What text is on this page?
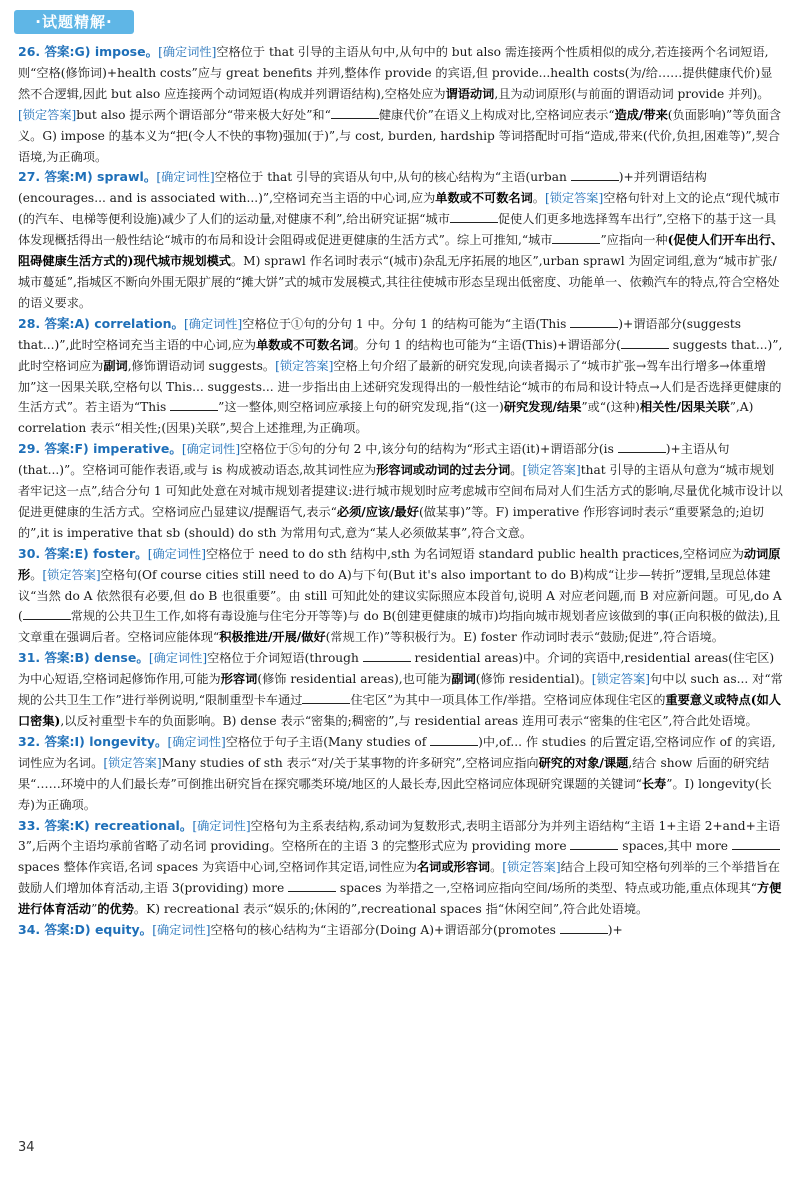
·试题精解·

26. 答案:G) impose。 [ 确定词性 ] 空格位于 that 引导的主语从句中,从句中的 but also 需连接两个性质相似的成分,若连接两个名词短语,则“空格(修饰词)+health costs”应与 great benefits 并列,整体作 provide 的宾语,但 provide...health costs(为/给……提供健康代价)显然不合逻辑,因此 but also 应连接两个动词短语(构成并列谓语结构),空格处应为谓语动词,且为动词原形(与前面的谓语动词 provide 并列)。[ 锁定答案 ] but also 提示两个谓语部分“带来极大好处”和“	健康代价”在语义上构成对比,空格词应表示“造成/带来(负面影响)”等负面含义。G) impose 的基本义为“把(令人不快的事物)强加(于)”,与 cost, burden, hardship 等词搭配时可指“造成,带来(代价,负担,困难等)”,契合语境,为正确项。

27. 答案:M) sprawl。 [ 确定词性 ] 空格位于 that 引导的宾语从句中,从句的核心结构为“主语(urban	)+并列谓语结构(encourages... and is associated with...)”,空格词充当主语的中心词,应为单数或不可数名词。 [ 锁定答案 ] 空格句针对上文的论点“现代城市(的汽车、电梯等便利设施)减少了人们的运动量,对健康不利”,给出研究证据“城市	促使人们更多地选择驾车出行”,空格下的基于这一具体发现概括得出一般性结论“城市的布局和设计会阻碍或促进更健康的生活方式”。综上可推知,“城市	”应指向一种(促使人们开车出行、阻碍健康生活方式的)现代城市规划模式。M) sprawl 作名词时表示“(城市)杂乱无序拓展的地区”,urban sprawl 为固定词组,意为“城市扩张/城市蔓延”,指城区不断向外围无限扩展的“摊大饼”式的城市发展模式,其往往使城市形态呈现出低密度、功能单一、依赖汽车的特点,符合空格处的语义要求。

28. 答案:A) correlation。 [ 确定词性 ] 空格位于①句的分句 1 中。分句 1 的结构可能为“主语(This	)+谓语部分(suggests that...)”,此时空格词充当主语的中心词,应为单数或不可数名词。分句 1 的结构也可能为“主语(This)+谓语部分(	suggests that...)”,此时空格词应为副词,修饰谓语动词 suggests。 [ 锁定答案 ] 空格上句介绍了最新的研究发现,向读者揭示了“城市扩张→驾车出行增多→体重增加”这一因果关联,空格句以 This... suggests... 进一步指出由上述研究发现得出的一般性结论“城市的布局和设计特点→人们是否选择更健康的生活方式”。若主语为“This	”这一整体,则空格词应承接上句的研究发现,指“(这一)研究发现/结果”或“(这种)相关性/因果关联”,A) correlation 表示“相关性;(因果)关联”,契合上述推理,为正确项。

29. 答案:F) imperative。 [ 确定词性 ] 空格位于⑤句的分句 2 中,该分句的结构为“形式主语(it)+谓语部分(is	)+主语从句(that...)”。空格词可能作表语,或与 is 构成被动语态,故其词性应为形容词或动词的过去分词。 [ 锁定答案 ] that 引导的主语从句意为“城市规划者牢记这一点”,结合分句 1 可知此处意在对城市规划者提建议:进行城市规划时应考虑城市空间布局对人们生活方式的影响,尽量优化城市设计以促进更健康的生活方式。空格词应凸显建议/提醒语气,表示“必须/应该/最好(做某事)”等。F) imperative 作形容词时表示“重要紧急的;迫切的”,it is imperative that sb (should) do sth 为常用句式,意为“某人必须做某事”,符合文意。

30. 答案:E) foster。 [ 确定词性 ] 空格位于 need to do sth 结构中,sth 为名词短语 standard public health practices,空格词应为动词原形。 [ 锁定答案 ] 空格句(Of course cities still need to do A)与下句(But it's also important to do B)构成“让步—转折”逻辑,呈现总体建议“当然 do A 依然很有必要,但 do B 也很重要”。由 still 可知此处的建议实际照应本段首句,说明 A 对应老问题,而 B 对应新问题。可见,do A (	常规的公共卫生工作,如将有毒设施与住宅分开等等)与 do B(创建更健康的城市)均指向城市规划者应该做到的事(正向积极的做法),且文章重在强调后者。空格词应能体现“积极推进/开展/做好(常规工作)”等积极行为。E) foster 作动词时表示“鼓励;促进”,符合语境。

31. 答案:B) dense。 [ 确定词性 ] 空格位于介词短语(through	residential areas)中。介词的宾语中,residential areas(住宅区)为中心短语,空格词起修饰作用,可能为形容词(修饰 residential areas),也可能为副词(修饰 residential)。 [ 锁定答案 ] 句中以 such as... 对“常规的公共卫生工作”进行举例说明,“限制重型卡车通过	住宅区”为其中一项具体工作/举措。空格词应体现住宅区的重要意义或特点(如人口密集),以反衬重型卡车的负面影响。B) dense 表示“密集的;稠密的”,与 residential areas 连用可表示“密集的住宅区”,符合此处语境。

32. 答案:I) longevity。 [ 确定词性 ] 空格位于句子主语(Many studies of	)中,of... 作 studies 的后置定语,空格词应作 of 的宾语,词性应为名词。 [ 锁定答案 ] Many studies of sth 表示“对/关于某事物的许多研究”,空格词应指向研究的对象/课题,结合 show 后面的研究结果“……环境中的人们最长寿”可倒推出研究旨在探究哪类环境/地区的人最长寿,因此空格词应体现研究课题的关键词“长寿”。I) longevity(长寿)为正确项。

33. 答案:K) recreational。 [ 确定词性 ] 空格句为主系表结构,系动词为复数形式,表明主语部分为并列主语结构“主语 1+主语 2+and+主语 3”,后两个主语均承前省略了动名词 providing。空格所在的主语 3 的完整形式应为 providing more	spaces,其中 more  spaces 整体作宾语,名词 spaces 为宾语中心词,空格词作其定语,词性应为名词或形容词。 [ 锁定答案 ] 结合上段可知空格句列举的三个举措旨在鼓励人们增加体育活动,主语 3(providing) more	spaces 为举措之一,空格词应指向空间/场所的类型、特点或功能,重点体现其“方便进行体育活动”的优势。K) recreational 表示“娱乐的;休闲的”,recreational spaces 指“休闲空间”,符合此处语境。

34. 答案:D) equity。 [ 确定词性 ] 空格句的核心结构为“主语部分(Doing A)+谓语部分(promotes	)+

34
